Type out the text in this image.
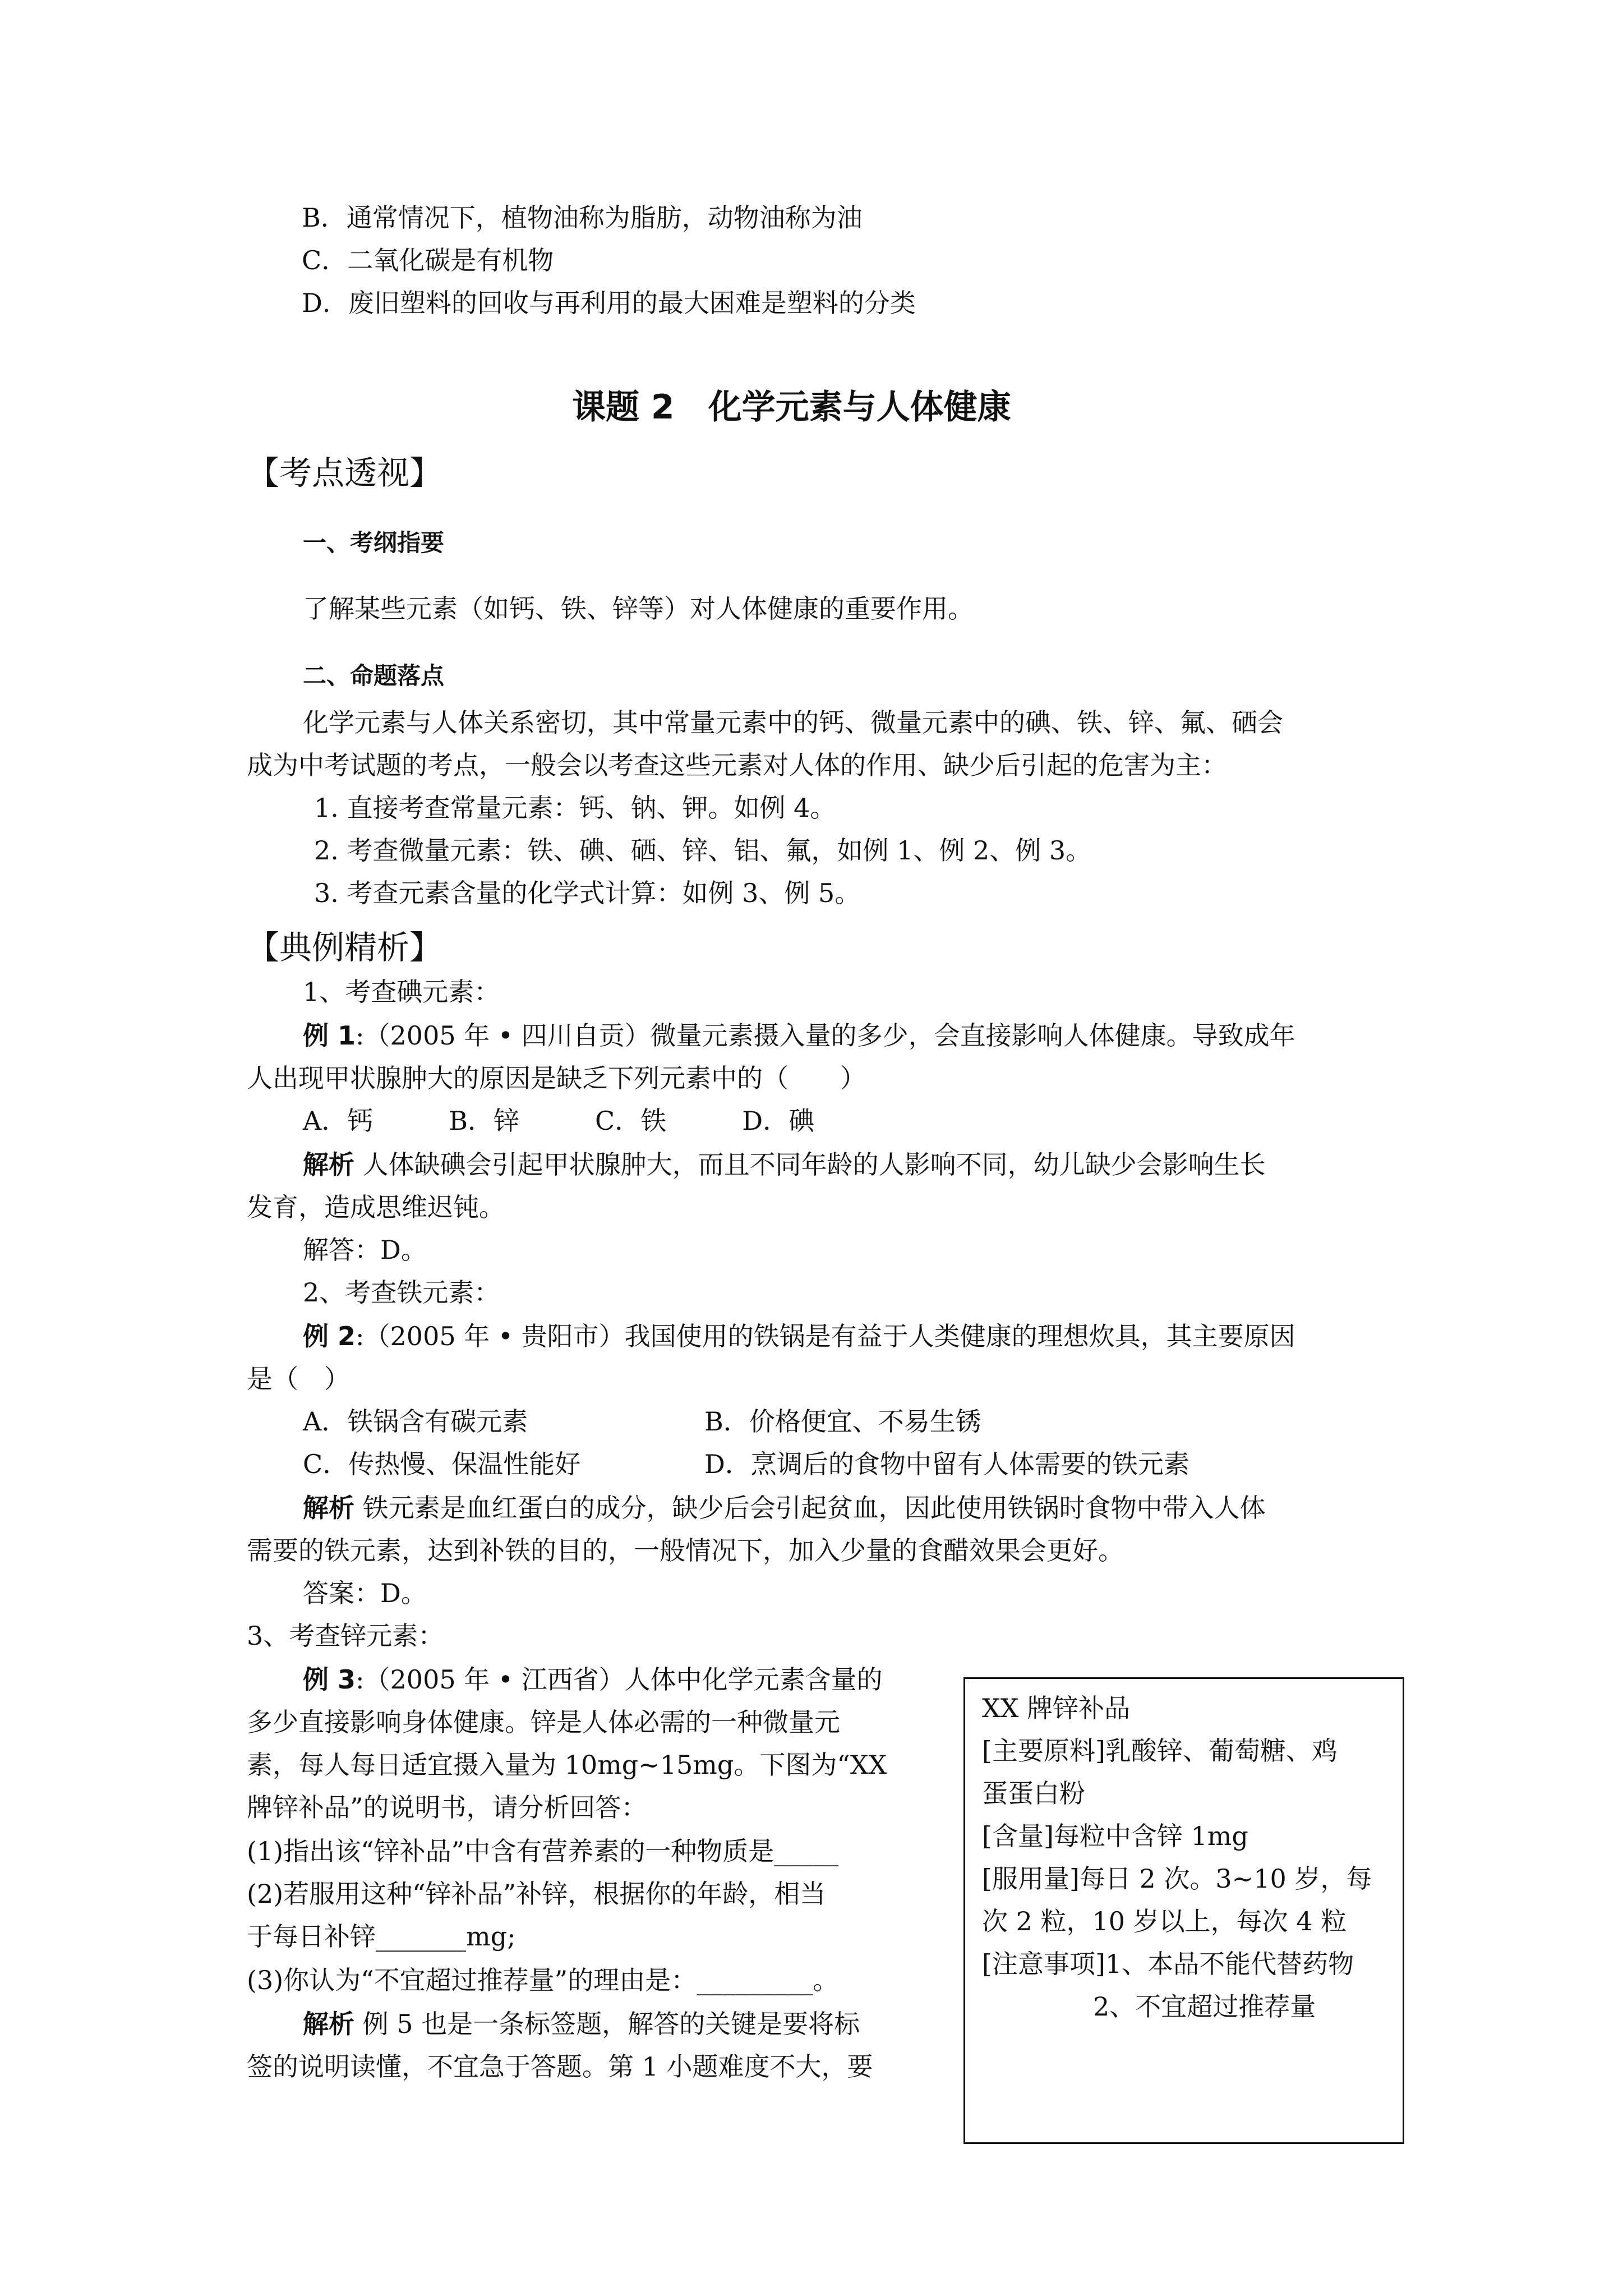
B．通常情况下，植物油称为脂肪，动物油称为油
C．二氧化碳是有机物
D．废旧塑料的回收与再利用的最大困难是塑料的分类
课题 2 化学元素与人体健康
【考点透视】
一、考纲指要
了解某些元素（如钙、铁、锌等）对人体健康的重要作用。
二、命题落点
化学元素与人体关系密切，其中常量元素中的钙、微量元素中的碘、铁、锌、氟、硒会
成为中考试题的考点，一般会以考查这些元素对人体的作用、缺少后引起的危害为主：
1. 直接考查常量元素：钙、钠、钾。如例 4。
2. 考查微量元素：铁、碘、硒、锌、铝、氟，如例 1、例 2、例 3。
3. 考查元素含量的化学式计算：如例 3、例 5。
【典例精析】
1、考查碘元素：
例 1:（2005 年 • 四川自贡）微量元素摄入量的多少，会直接影响人体健康。导致成年
人出现甲状腺肿大的原因是缺乏下列元素中的（　　）
A．钙	B．锌	C．铁	D．碘
解析 人体缺碘会引起甲状腺肿大，而且不同年龄的人影响不同，幼儿缺少会影响生长
发育，造成思维迟钝。
解答：D。
2、考查铁元素：
例 2:（2005 年 • 贵阳市）我国使用的铁锅是有益于人类健康的理想炊具，其主要原因
是（　）
A．铁锅含有碳元素	B．价格便宜、不易生锈
C．传热慢、保温性能好	D．烹调后的食物中留有人体需要的铁元素
解析 铁元素是血红蛋白的成分，缺少后会引起贫血，因此使用铁锅时食物中带入人体
需要的铁元素，达到补铁的目的，一般情况下，加入少量的食醋效果会更好。
答案：D。
3、考查锌元素：
例 3:（2005 年 • 江西省）人体中化学元素含量的
多少直接影响身体健康。锌是人体必需的一种微量元
素，每人每日适宜摄入量为 10mg~15mg。下图为“XX
牌锌补品”的说明书，请分析回答：
(1)指出该“锌补品”中含有营养素的一种物质是_____
(2)若服用这种“锌补品”补锌，根据你的年龄，相当
于每日补锌_______mg;
(3)你认为“不宜超过推荐量”的理由是：_________。
解析 例 5 也是一条标签题，解答的关键是要将标
签的说明读懂，不宜急于答题。第 1 小题难度不大，要
XX 牌锌补品
[主要原料]乳酸锌、葡萄糖、鸡
蛋蛋白粉
[含量]每粒中含锌 1mg
[服用量]每日 2 次。3~10 岁，每
次 2 粒，10 岁以上，每次 4 粒
[注意事项]1、本品不能代替药物
2、不宜超过推荐量
